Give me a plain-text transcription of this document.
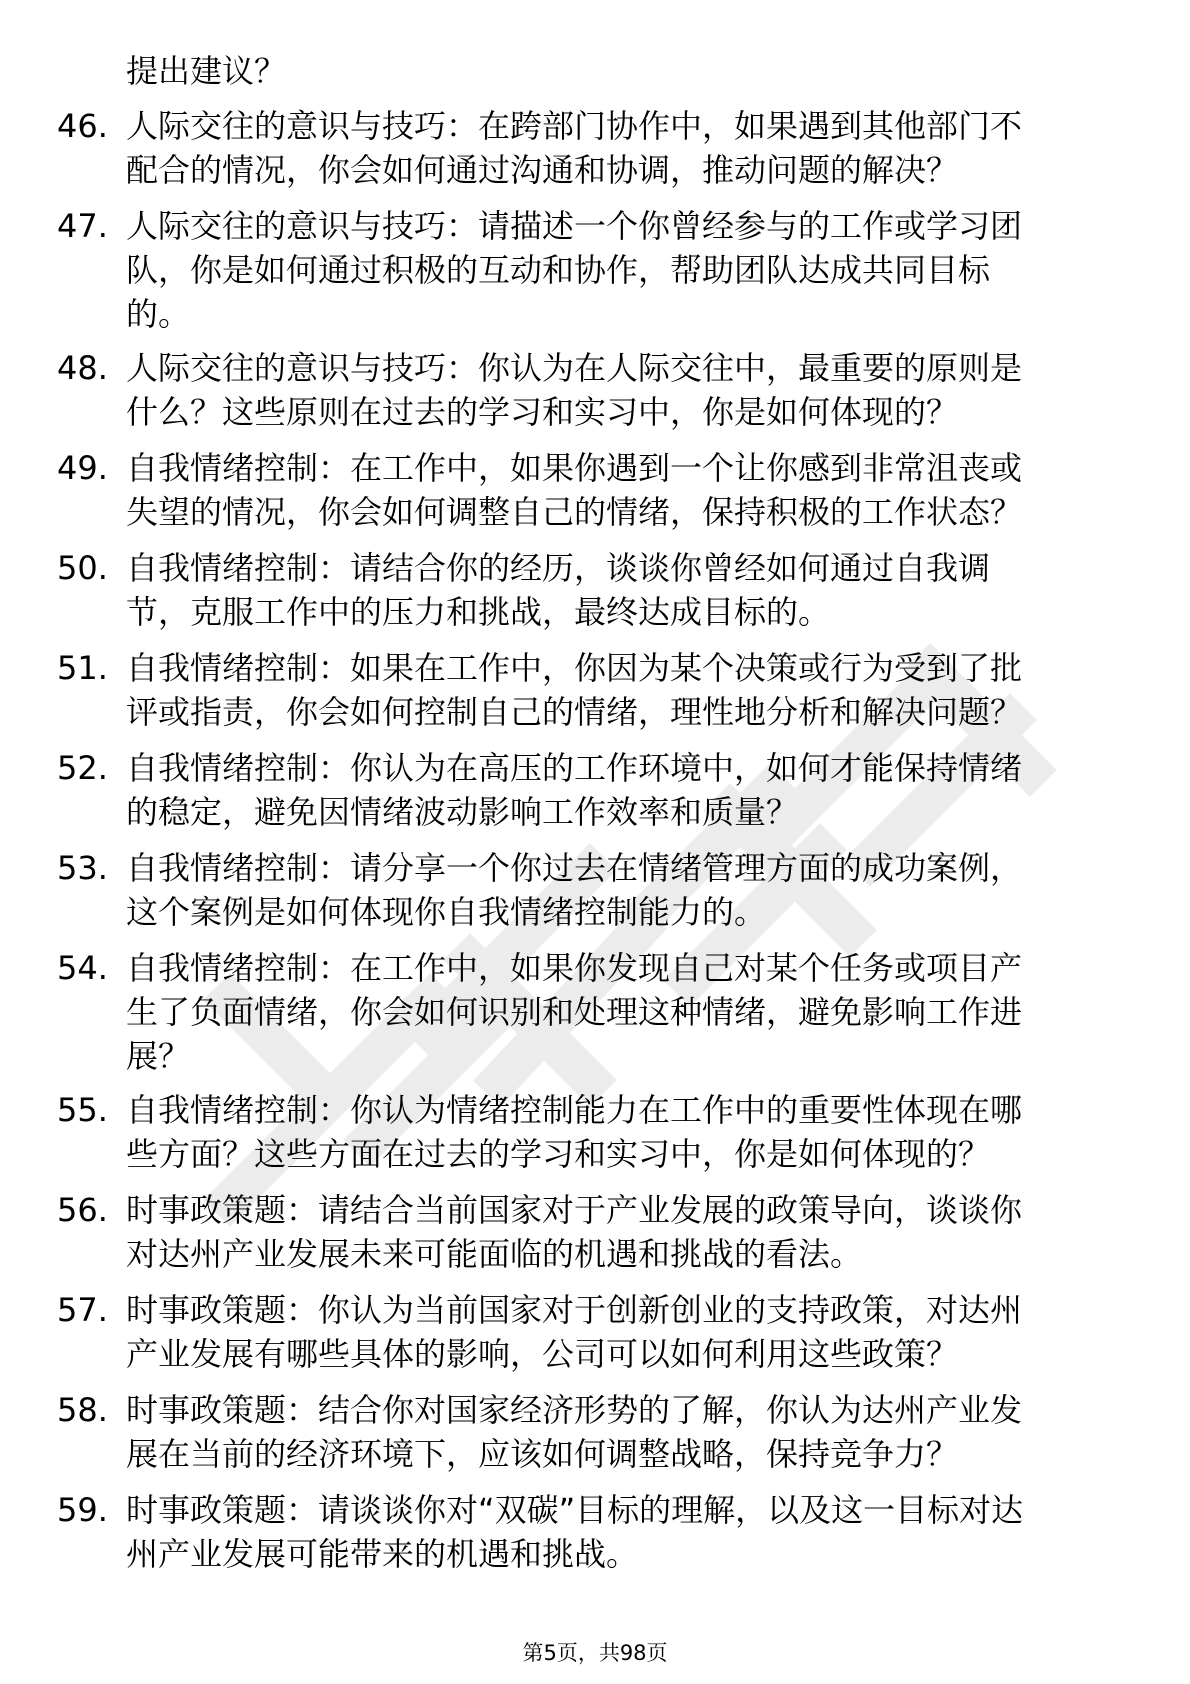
提出建议？
46. 人际交往的意识与技巧：在跨部门协作中，如果遇到其他部门不
配合的情况，你会如何通过沟通和协调，推动问题的解决？
47. 人际交往的意识与技巧：请描述一个你曾经参与的工作或学习团
队，你是如何通过积极的互动和协作，帮助团队达成共同目标
的。
48. 人际交往的意识与技巧：你认为在人际交往中，最重要的原则是
什么？这些原则在过去的学习和实习中，你是如何体现的？
49. 自我情绪控制：在工作中，如果你遇到一个让你感到非常沮丧或
失望的情况，你会如何调整自己的情绪，保持积极的工作状态？
50. 自我情绪控制：请结合你的经历，谈谈你曾经如何通过自我调
节，克服工作中的压力和挑战，最终达成目标的。
51. 自我情绪控制：如果在工作中，你因为某个决策或行为受到了批
评或指责，你会如何控制自己的情绪，理性地分析和解决问题？
52. 自我情绪控制：你认为在高压的工作环境中，如何才能保持情绪
的稳定，避免因情绪波动影响工作效率和质量？
53. 自我情绪控制：请分享一个你过去在情绪管理方面的成功案例，
这个案例是如何体现你自我情绪控制能力的。
54. 自我情绪控制：在工作中，如果你发现自己对某个任务或项目产
生了负面情绪，你会如何识别和处理这种情绪，避免影响工作进
展？
55. 自我情绪控制：你认为情绪控制能力在工作中的重要性体现在哪
些方面？这些方面在过去的学习和实习中，你是如何体现的？
56. 时事政策题：请结合当前国家对于产业发展的政策导向，谈谈你
对达州产业发展未来可能面临的机遇和挑战的看法。
57. 时事政策题：你认为当前国家对于创新创业的支持政策，对达州
产业发展有哪些具体的影响，公司可以如何利用这些政策？
58. 时事政策题：结合你对国家经济形势的了解，你认为达州产业发
展在当前的经济环境下，应该如何调整战略，保持竞争力？
59. 时事政策题：请谈谈你对“双碳”目标的理解，以及这一目标对达
州产业发展可能带来的机遇和挑战。
第5页，共98页
